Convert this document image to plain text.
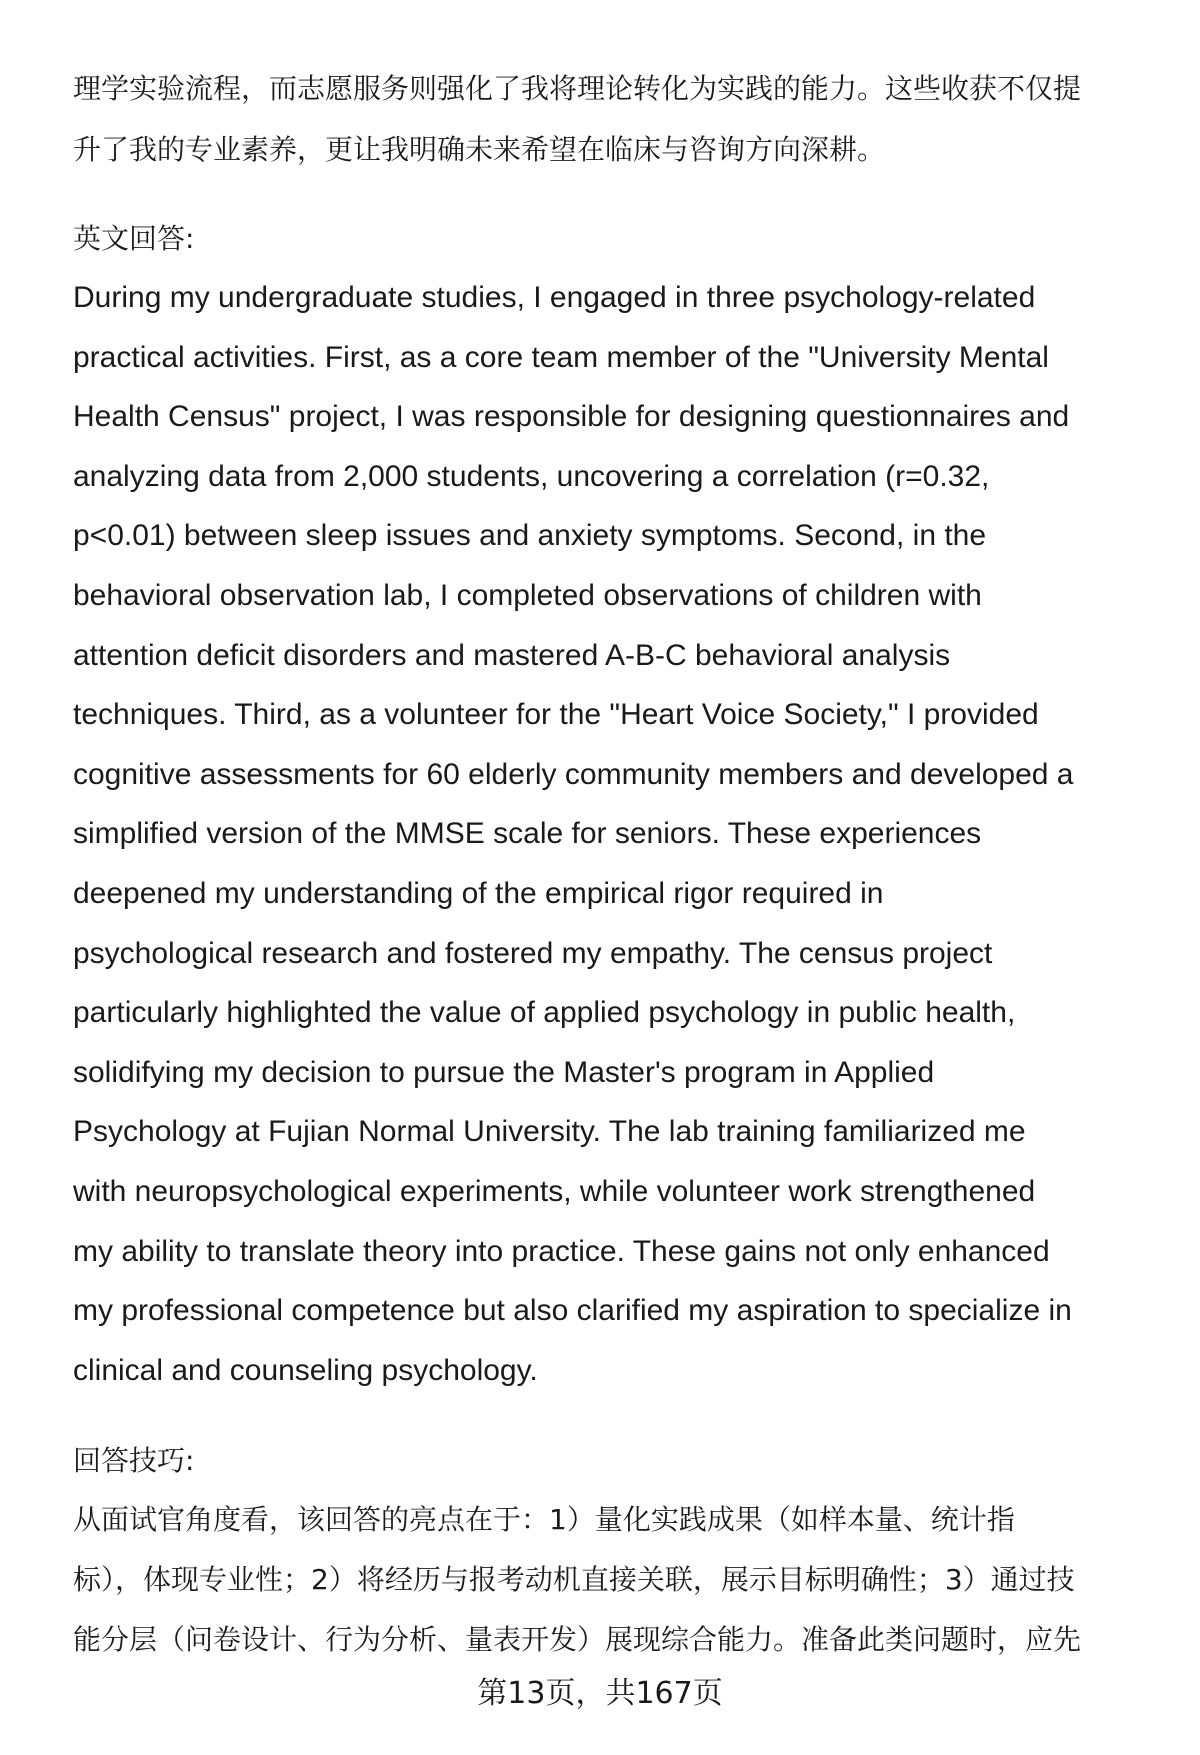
理学实验流程，而志愿服务则强化了我将理论转化为实践的能力。这些收获不仅提
升了我的专业素养，更让我明确未来希望在临床与咨询方向深耕。
英文回答:
During my undergraduate studies, I engaged in three psychology-related
practical activities. First, as a core team member of the "University Mental
Health Census" project, I was responsible for designing questionnaires and
analyzing data from 2,000 students, uncovering a correlation (r=0.32,
p<0.01) between sleep issues and anxiety symptoms. Second, in the
behavioral observation lab, I completed observations of children with
attention deficit disorders and mastered A-B-C behavioral analysis
techniques. Third, as a volunteer for the "Heart Voice Society," I provided
cognitive assessments for 60 elderly community members and developed a
simplified version of the MMSE scale for seniors. These experiences
deepened my understanding of the empirical rigor required in
psychological research and fostered my empathy. The census project
particularly highlighted the value of applied psychology in public health,
solidifying my decision to pursue the Master's program in Applied
Psychology at Fujian Normal University. The lab training familiarized me
with neuropsychological experiments, while volunteer work strengthened
my ability to translate theory into practice. These gains not only enhanced
my professional competence but also clarified my aspiration to specialize in
clinical and counseling psychology.
回答技巧:
从面试官角度看，该回答的亮点在于：1）量化实践成果（如样本量、统计指
标），体现专业性；2）将经历与报考动机直接关联，展示目标明确性；3）通过技
能分层（问卷设计、行为分析、量表开发）展现综合能力。准备此类问题时，应先
第13页，共167页
